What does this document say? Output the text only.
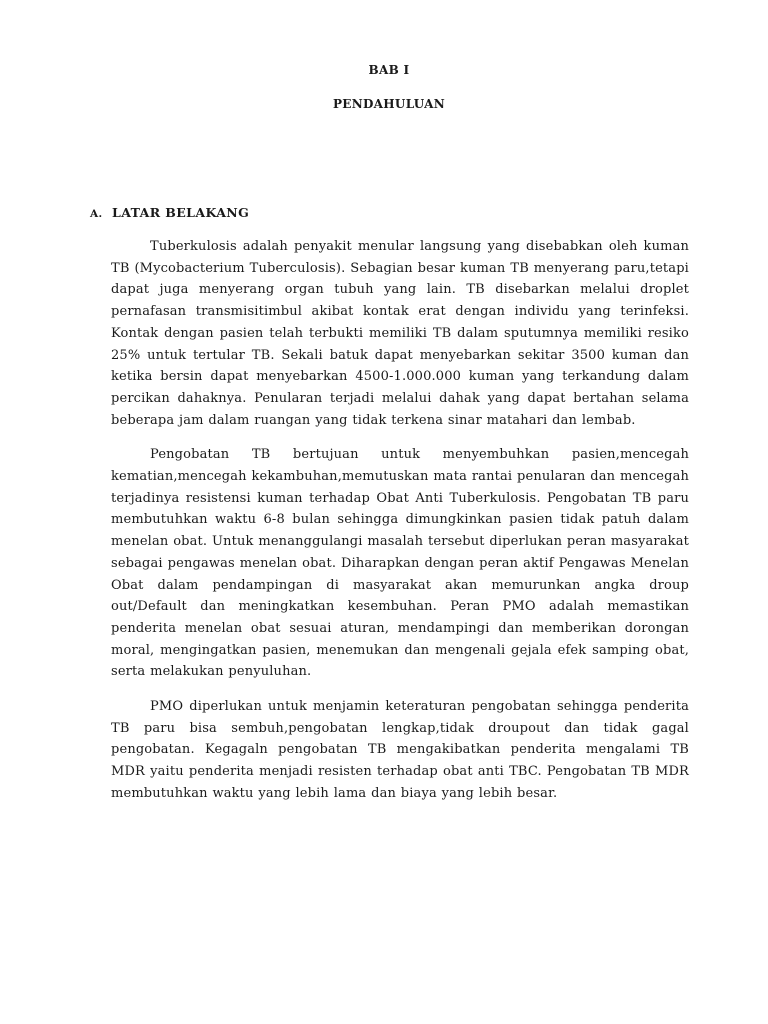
BAB I
PENDAHULUAN
A. LATAR BELAKANG

Tuberkulosis adalah penyakit menular langsung yang disebabkan oleh kuman TB (Mycobacterium Tuberculosis). Sebagian besar kuman TB menyerang paru,tetapi dapat juga menyerang organ tubuh yang lain. TB disebarkan melalui droplet pernafasan transmisitimbul akibat kontak erat dengan individu yang terinfeksi. Kontak dengan pasien telah terbukti memiliki TB dalam sputumnya memiliki resiko 25% untuk tertular TB. Sekali batuk dapat menyebarkan sekitar 3500 kuman dan ketika bersin dapat menyebarkan 4500-1.000.000 kuman yang terkandung dalam percikan dahaknya. Penularan terjadi melalui dahak yang dapat bertahan selama beberapa jam dalam ruangan yang tidak terkena sinar matahari dan lembab.

Pengobatan TB bertujuan untuk menyembuhkan pasien,mencegah kematian,mencegah kekambuhan,memutuskan mata rantai penularan dan mencegah terjadinya resistensi kuman terhadap Obat Anti Tuberkulosis. Pengobatan TB paru membutuhkan waktu 6-8 bulan sehingga dimungkinkan pasien tidak patuh dalam menelan obat. Untuk menanggulangi masalah tersebut diperlukan peran masyarakat sebagai pengawas menelan obat. Diharapkan dengan peran aktif Pengawas Menelan Obat dalam pendampingan di masyarakat akan memurunkan angka droup out/Default dan meningkatkan kesembuhan. Peran PMO adalah memastikan penderita menelan obat sesuai aturan, mendampingi dan memberikan dorongan moral, mengingatkan pasien, menemukan dan mengenali gejala efek samping obat, serta melakukan penyuluhan.

PMO diperlukan untuk menjamin keteraturan pengobatan sehingga penderita TB paru bisa sembuh,pengobatan lengkap,tidak droupout dan tidak gagal pengobatan. Kegagaln pengobatan TB mengakibatkan penderita mengalami TB MDR yaitu penderita menjadi resisten terhadap obat anti TBC. Pengobatan TB MDR membutuhkan waktu yang lebih lama dan biaya yang lebih besar.
